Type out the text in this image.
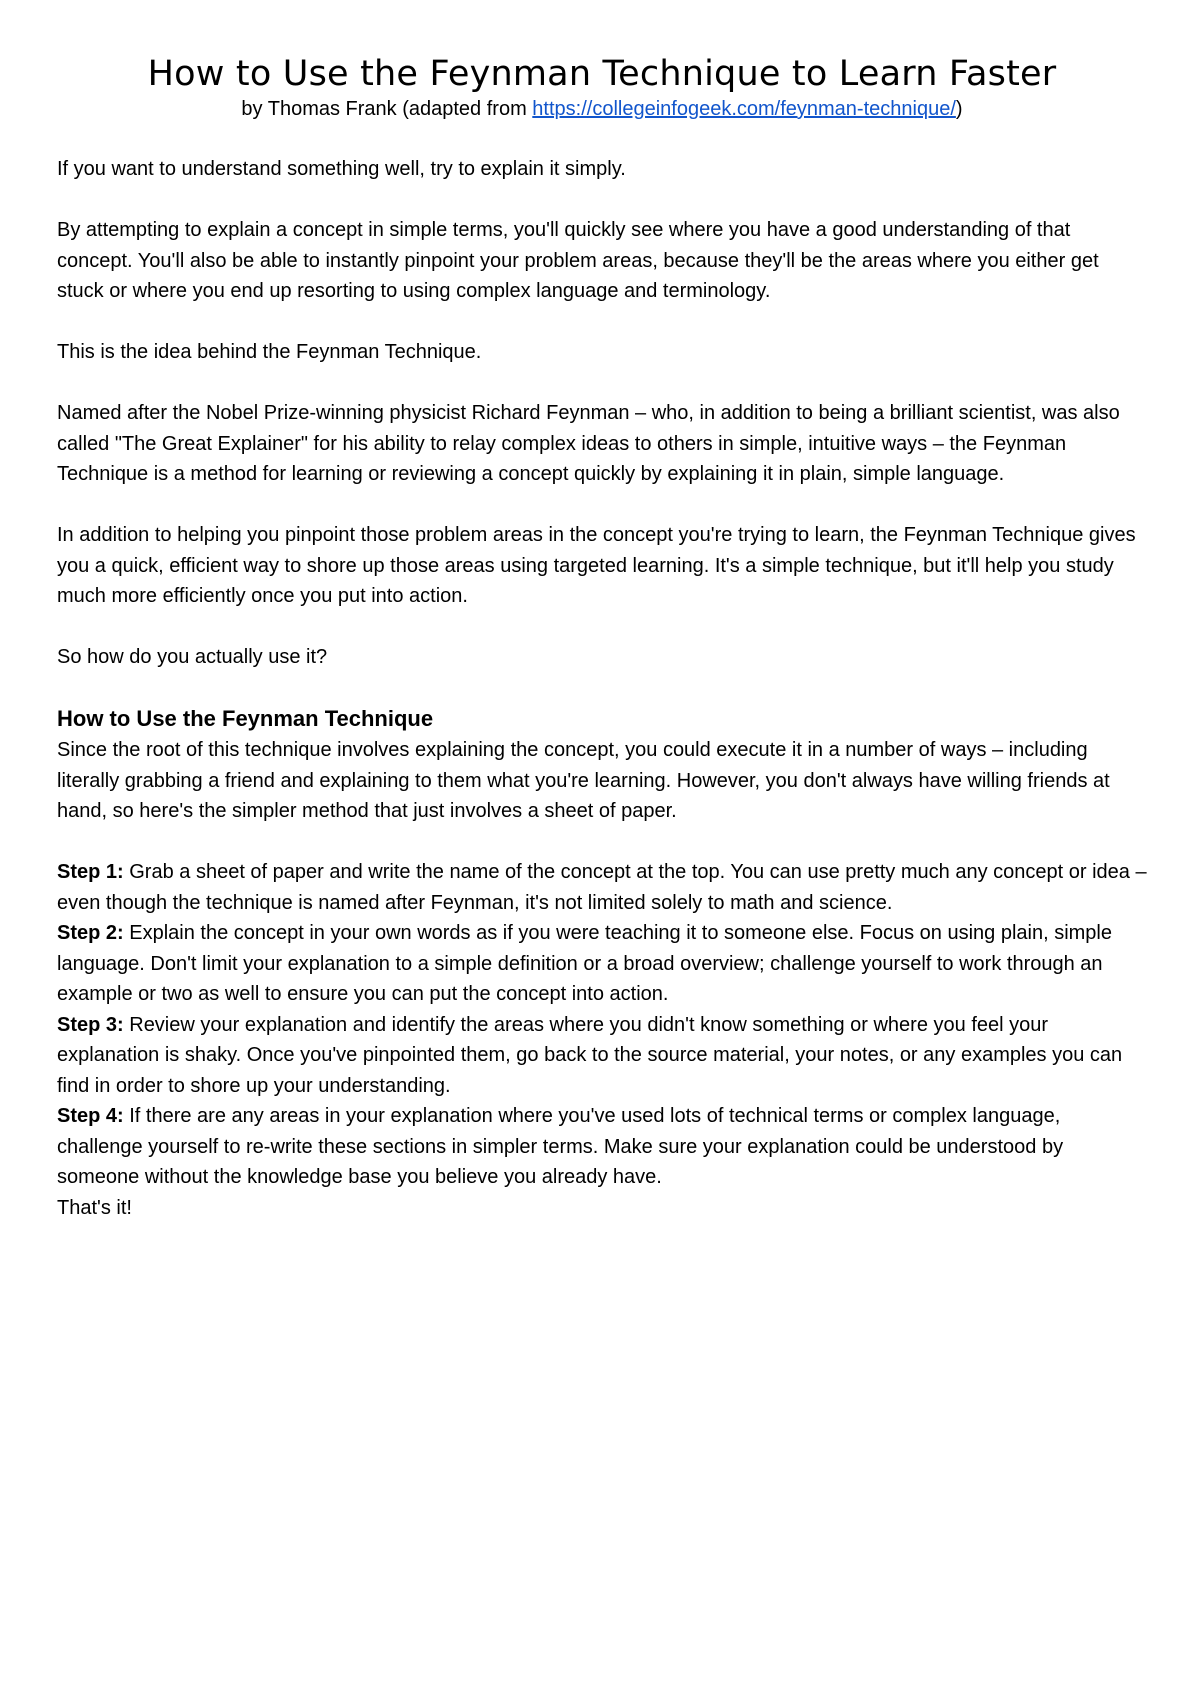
How to Use the Feynman Technique to Learn Faster
by Thomas Frank (adapted from https://collegeinfogeek.com/feynman-technique/)

If you want to understand something well, try to explain it simply.

By attempting to explain a concept in simple terms, you'll quickly see where you have a good understanding of that concept. You'll also be able to instantly pinpoint your problem areas, because they'll be the areas where you either get stuck or where you end up resorting to using complex language and terminology.

This is the idea behind the Feynman Technique.

Named after the Nobel Prize-winning physicist Richard Feynman – who, in addition to being a brilliant scientist, was also called "The Great Explainer" for his ability to relay complex ideas to others in simple, intuitive ways – the Feynman Technique is a method for learning or reviewing a concept quickly by explaining it in plain, simple language.

In addition to helping you pinpoint those problem areas in the concept you're trying to learn, the Feynman Technique gives you a quick, efficient way to shore up those areas using targeted learning. It's a simple technique, but it'll help you study much more efficiently once you put into action.

So how do you actually use it?

How to Use the Feynman Technique

Since the root of this technique involves explaining the concept, you could execute it in a number of ways – including literally grabbing a friend and explaining to them what you're learning. However, you don't always have willing friends at hand, so here's the simpler method that just involves a sheet of paper.

Step 1: Grab a sheet of paper and write the name of the concept at the top. You can use pretty much any concept or idea – even though the technique is named after Feynman, it's not limited solely to math and science.

Step 2: Explain the concept in your own words as if you were teaching it to someone else. Focus on using plain, simple language. Don't limit your explanation to a simple definition or a broad overview; challenge yourself to work through an example or two as well to ensure you can put the concept into action.

Step 3: Review your explanation and identify the areas where you didn't know something or where you feel your explanation is shaky. Once you've pinpointed them, go back to the source material, your notes, or any examples you can find in order to shore up your understanding.

Step 4: If there are any areas in your explanation where you've used lots of technical terms or complex language, challenge yourself to re-write these sections in simpler terms. Make sure your explanation could be understood by someone without the knowledge base you believe you already have.

That's it!
